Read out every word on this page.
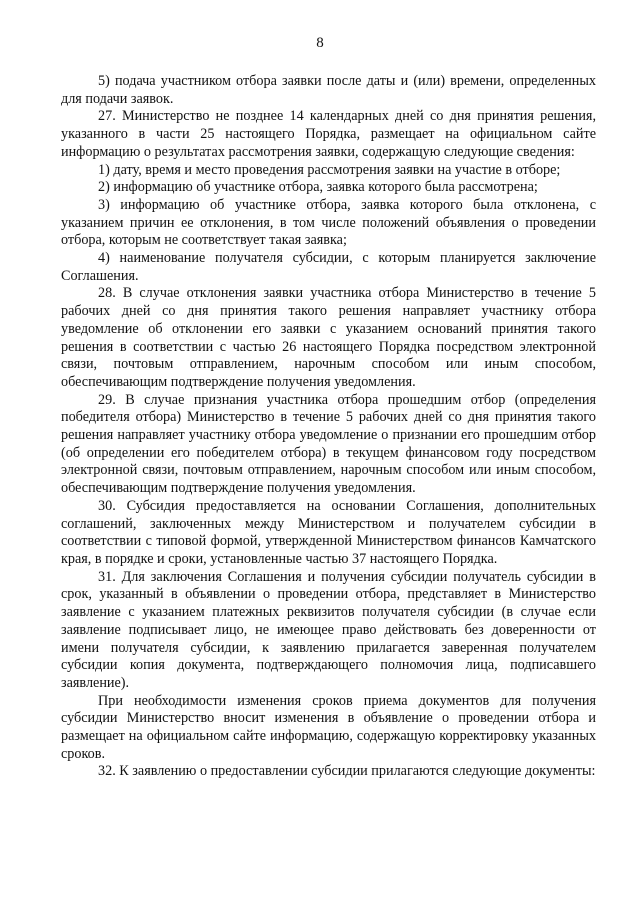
8

5) подача участником отбора заявки после даты и (или) времени, определенных для подачи заявок.

27. Министерство не позднее 14 календарных дней со дня принятия решения, указанного в части 25 настоящего Порядка, размещает на официальном сайте информацию о результатах рассмотрения заявки, содержащую следующие сведения:

1) дату, время и место проведения рассмотрения заявки на участие в отборе;

2) информацию об участнике отбора, заявка которого была рассмотрена;

3) информацию об участнике отбора, заявка которого была отклонена, с указанием причин ее отклонения, в том числе положений объявления о проведении отбора, которым не соответствует такая заявка;

4) наименование получателя субсидии, с которым планируется заключение Соглашения.

28. В случае отклонения заявки участника отбора Министерство в течение 5 рабочих дней со дня принятия такого решения направляет участнику отбора уведомление об отклонении его заявки с указанием оснований принятия такого решения в соответствии с частью 26 настоящего Порядка посредством электронной связи, почтовым отправлением, нарочным способом или иным способом, обеспечивающим подтверждение получения уведомления.

29. В случае признания участника отбора прошедшим отбор (определения победителя отбора) Министерство в течение 5 рабочих дней со дня принятия такого решения направляет участнику отбора уведомление о признании его прошедшим отбор (об определении его победителем отбора) в текущем финансовом году посредством электронной связи, почтовым отправлением, нарочным способом или иным способом, обеспечивающим подтверждение получения уведомления.

30. Субсидия предоставляется на основании Соглашения, дополнительных соглашений, заключенных между Министерством и получателем субсидии в соответствии с типовой формой, утвержденной Министерством финансов Камчатского края, в порядке и сроки, установленные частью 37 настоящего Порядка.

31. Для заключения Соглашения и получения субсидии получатель субсидии в срок, указанный в объявлении о проведении отбора, представляет в Министерство заявление с указанием платежных реквизитов получателя субсидии (в случае если заявление подписывает лицо, не имеющее право действовать без доверенности от имени получателя субсидии, к заявлению прилагается заверенная получателем субсидии копия документа, подтверждающего полномочия лица, подписавшего заявление).

При необходимости изменения сроков приема документов для получения субсидии Министерство вносит изменения в объявление о проведении отбора и размещает на официальном сайте информацию, содержащую корректировку указанных сроков.

32. К заявлению о предоставлении субсидии прилагаются следующие документы:
